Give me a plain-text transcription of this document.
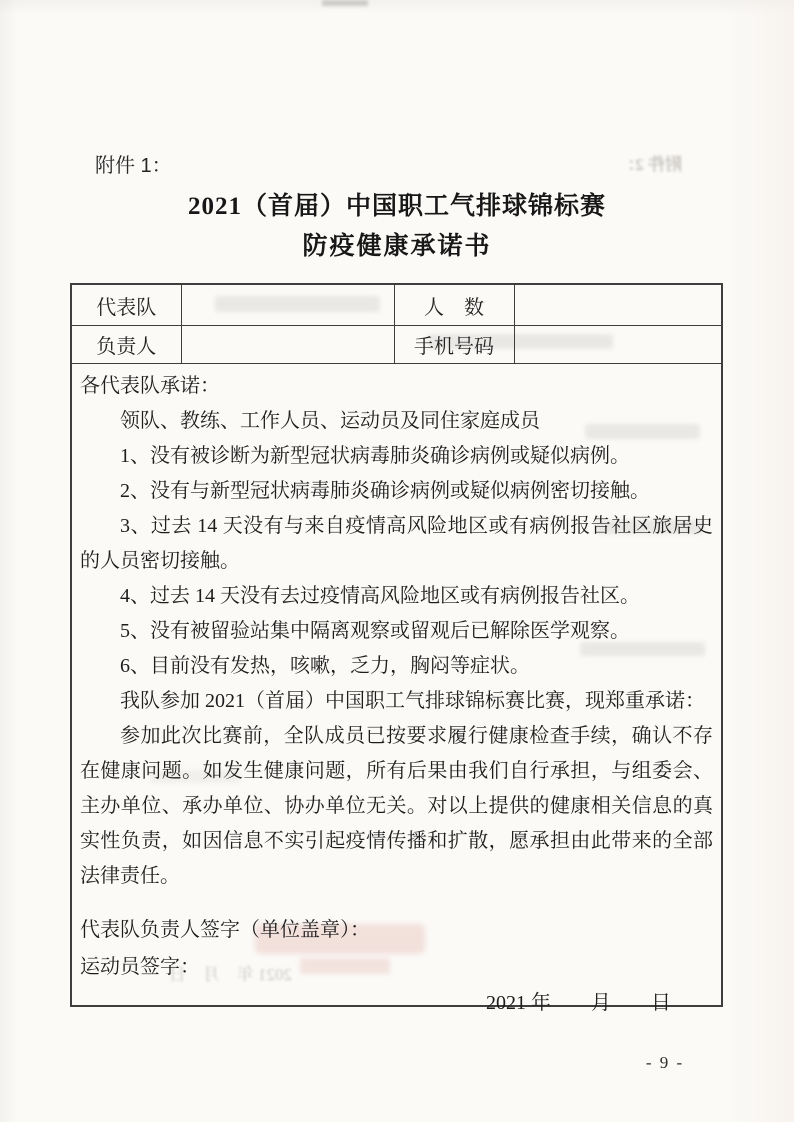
附件 2：
2021 年　月　日
附件 1：
2021（首届）中国职工气排球锦标赛
防疫健康承诺书
代表队		人　数	
负责人		手机号码	

各代表队承诺：

领队、教练、工作人员、运动员及同住家庭成员

1、没有被诊断为新型冠状病毒肺炎确诊病例或疑似病例。

2、没有与新型冠状病毒肺炎确诊病例或疑似病例密切接触。

3、过去 14 天没有与来自疫情高风险地区或有病例报告社区旅居史的人员密切接触。

4、过去 14 天没有去过疫情高风险地区或有病例报告社区。

5、没有被留验站集中隔离观察或留观后已解除医学观察。

6、目前没有发热，咳嗽，乏力，胸闷等症状。

我队参加 2021（首届）中国职工气排球锦标赛比赛，现郑重承诺：

参加此次比赛前，全队成员已按要求履行健康检查手续，确认不存在健康问题。如发生健康问题，所有后果由我们自行承担，与组委会、主办单位、承办单位、协办单位无关。对以上提供的健康相关信息的真实性负责，如因信息不实引起疫情传播和扩散，愿承担由此带来的全部法律责任。

代表队负责人签字（单位盖章）：
运动员签字：
2021 年　　月　　日
- 9 -
